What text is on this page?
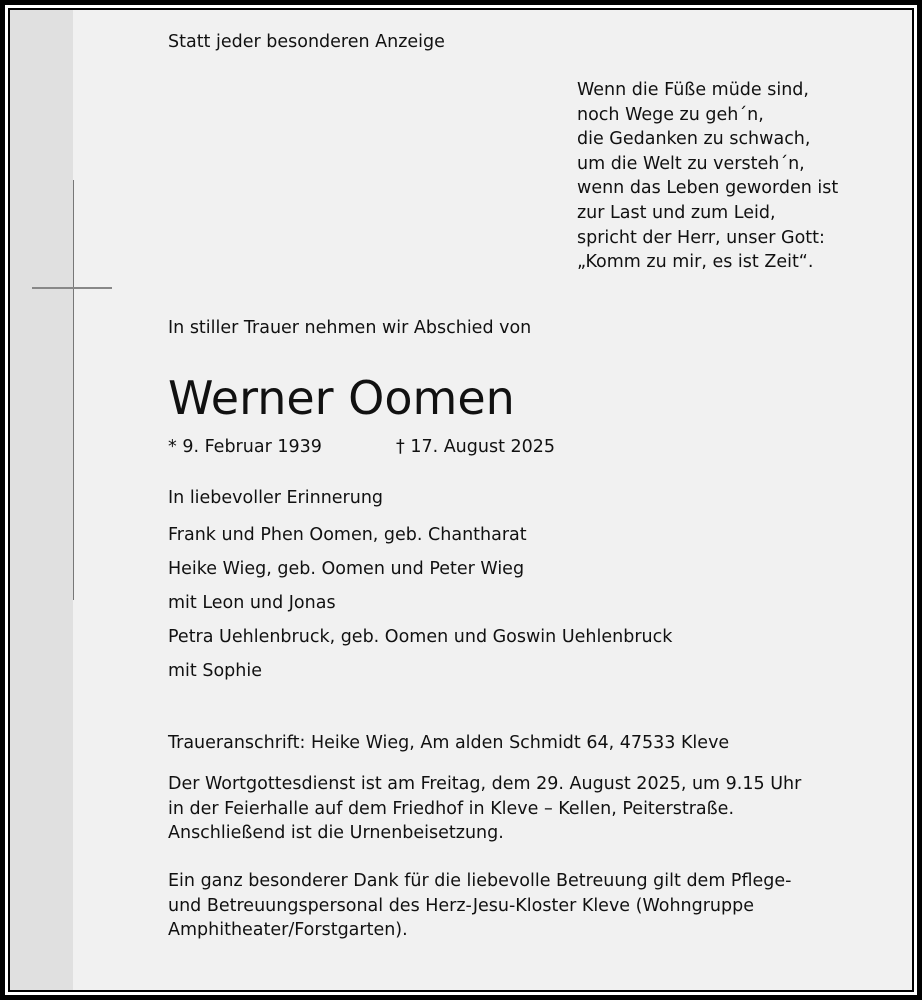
Statt jeder besonderen Anzeige
Wenn die Füße müde sind,
noch Wege zu geh´n,
die Gedanken zu schwach,
um die Welt zu versteh´n,
wenn das Leben geworden ist
zur Last und zum Leid,
spricht der Herr, unser Gott:
„Komm zu mir, es ist Zeit“.
In stiller Trauer nehmen wir Abschied von
Werner Oomen
* 9. Februar 1939	† 17. August 2025
In liebevoller Erinnerung
Frank und Phen Oomen, geb. Chantharat
Heike Wieg, geb. Oomen und Peter Wieg
mit Leon und Jonas
Petra Uehlenbruck, geb. Oomen und Goswin Uehlenbruck
mit Sophie
Traueranschrift: Heike Wieg, Am alden Schmidt 64, 47533 Kleve
Der Wortgottesdienst ist am Freitag, dem 29. August 2025, um 9.15 Uhr
in der Feierhalle auf dem Friedhof in Kleve – Kellen, Peiterstraße.
Anschließend ist die Urnenbeisetzung.
Ein ganz besonderer Dank für die liebevolle Betreuung gilt dem Pflege-
und Betreuungspersonal des Herz-Jesu-Kloster Kleve (Wohngruppe
Amphitheater/Forstgarten).
